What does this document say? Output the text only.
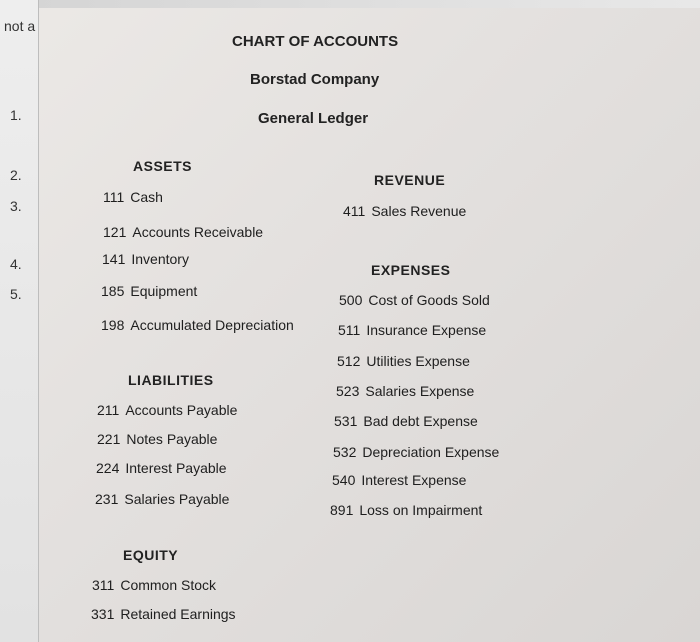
not a
1.
2.
3.
4.
5.
CHART OF ACCOUNTS
Borstad Company
General Ledger
ASSETS
111 Cash
121 Accounts Receivable
141 Inventory
185 Equipment
198 Accumulated Depreciation
LIABILITIES
211 Accounts Payable
221 Notes Payable
224 Interest Payable
231 Salaries Payable
EQUITY
311 Common Stock
331 Retained Earnings
REVENUE
411 Sales Revenue
EXPENSES
500 Cost of Goods Sold
511 Insurance Expense
512 Utilities Expense
523 Salaries Expense
531 Bad debt Expense
532 Depreciation Expense
540 Interest Expense
891 Loss on Impairment
